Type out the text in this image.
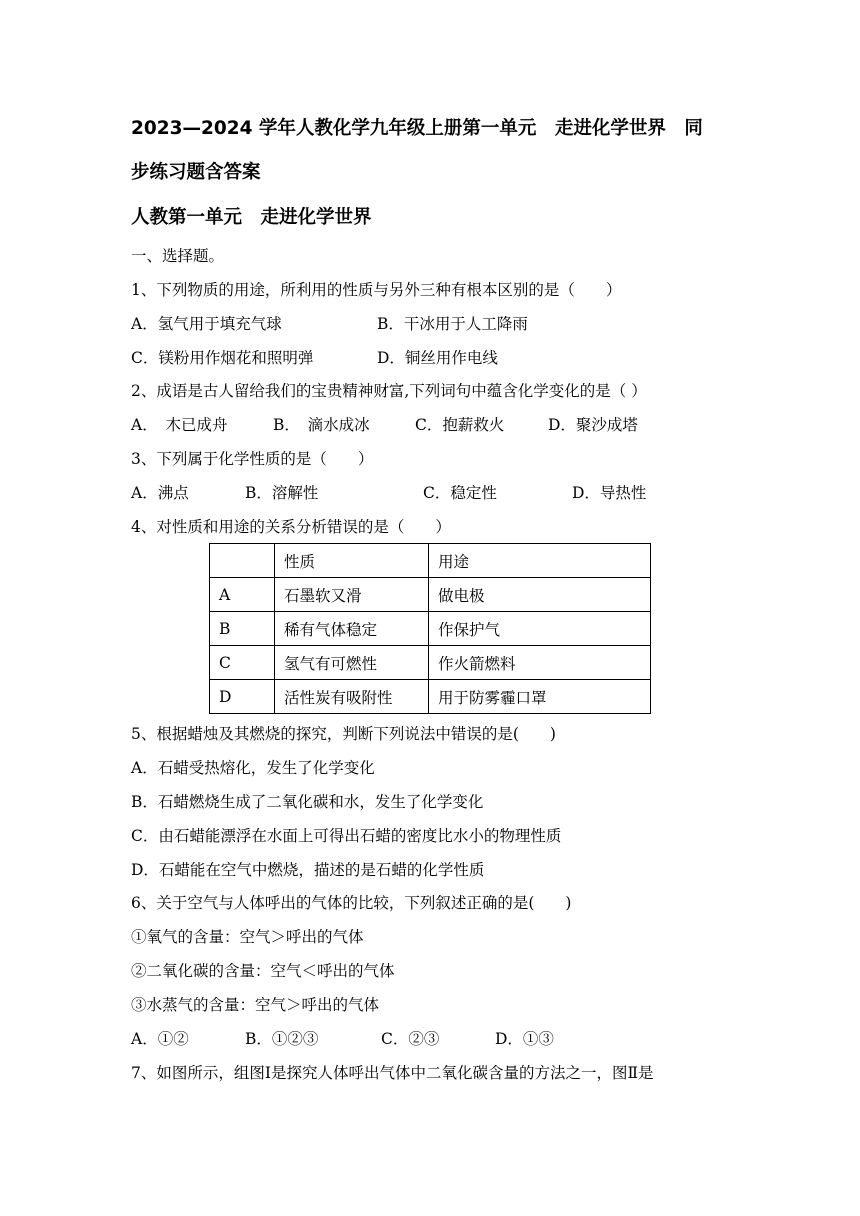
2023—2024 学年人教化学九年级上册第一单元　走进化学世界　同
步练习题含答案
人教第一单元　走进化学世界
一、选择题。
1、下列物质的用途，所利用的性质与另外三种有根本区别的是（　　）
A．氢气用于填充气球	B．干冰用于人工降雨
C．镁粉用作烟花和照明弹	D．铜丝用作电线
2、成语是古人留给我们的宝贵精神财富,下列词句中蕴含化学变化的是（ ）
A．　木已成舟	B．　滴水成冰	C．抱薪救火	D．聚沙成塔
3、下列属于化学性质的是（　　）
A．沸点	B．溶解性	C．稳定性	D．导热性
4、对性质和用途的关系分析错误的是（　　）
	性质	用途
A	石墨软又滑	做电极
B	稀有气体稳定	作保护气
C	氢气有可燃性	作火箭燃料
D	活性炭有吸附性	用于防雾霾口罩
5、根据蜡烛及其燃烧的探究，判断下列说法中错误的是(　　)
A．石蜡受热熔化，发生了化学变化
B．石蜡燃烧生成了二氧化碳和水，发生了化学变化
C．由石蜡能漂浮在水面上可得出石蜡的密度比水小的物理性质
D．石蜡能在空气中燃烧，描述的是石蜡的化学性质
6、关于空气与人体呼出的气体的比较，下列叙述正确的是(　　)
①氧气的含量：空气＞呼出的气体
②二氧化碳的含量：空气＜呼出的气体
③水蒸气的含量：空气＞呼出的气体
A．①②	B．①②③	C．②③	D．①③
7、如图所示，组图Ⅰ是探究人体呼出气体中二氧化碳含量的方法之一，图Ⅱ是
